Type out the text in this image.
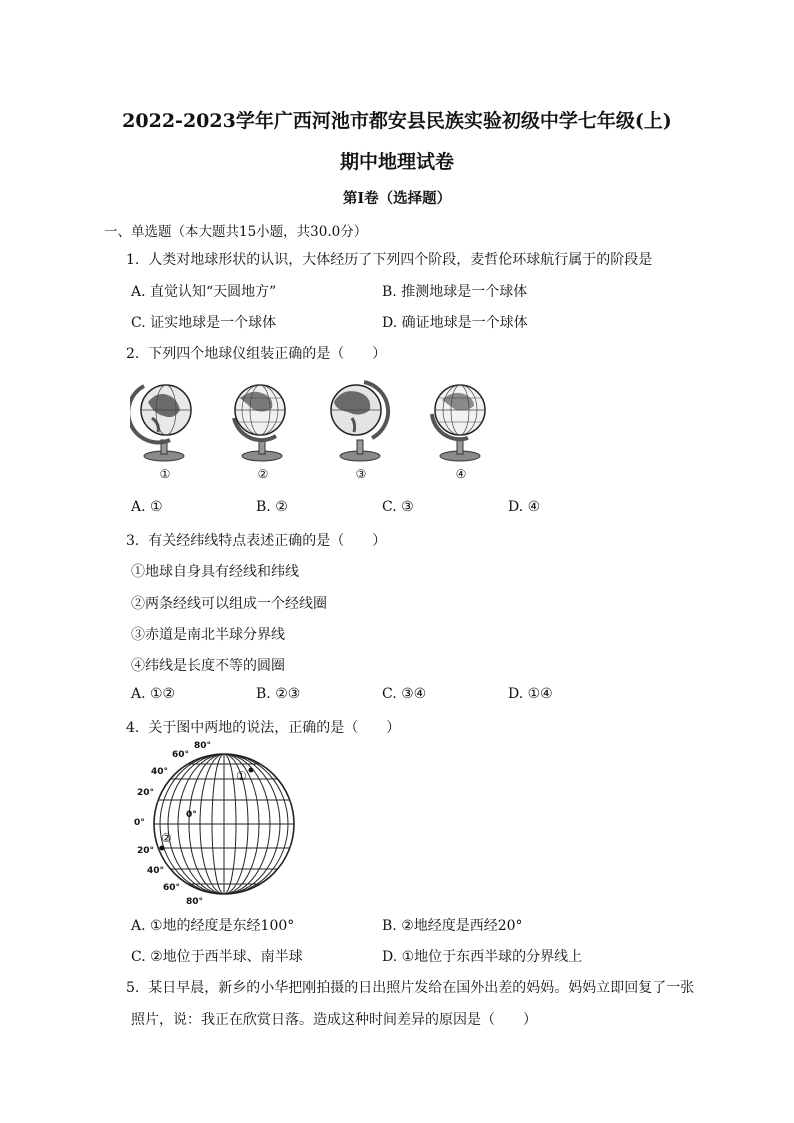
2022-2023学年广西河池市都安县民族实验初级中学七年级(上)
期中地理试卷
第I卷（选择题）
一、单选题（本大题共15小题，共30.0分）
1. 人类对地球形状的认识，大体经历了下列四个阶段，麦哲伦环球航行属于的阶段是
A. 直觉认知“天圆地方”	B. 推测地球是一个球体
C. 证实地球是一个球体	D. 确证地球是一个球体
2. 下列四个地球仪组装正确的是（　　）
①	②	③	④
A. ①	B. ②	C. ③	D. ④
3. 有关经纬线特点表述正确的是（　　）
①地球自身具有经线和纬线
②两条经线可以组成一个经线圈
③赤道是南北半球分界线
④纬线是长度不等的圆圈
A. ①②	B. ②③	C. ③④	D. ①④
4. 关于图中两地的说法，正确的是（　　）
80°
60°
40°
20°
0°
20°
40°
60°
80°
0°
①
②
A. ①地的经度是东经100°	B. ②地经度是西经20°
C. ②地位于西半球、南半球	D. ①地位于东西半球的分界线上
5. 某日早晨，新乡的小华把刚拍摄的日出照片发给在国外出差的妈妈。妈妈立即回复了一张
照片，说：我正在欣赏日落。造成这种时间差异的原因是（　　）
